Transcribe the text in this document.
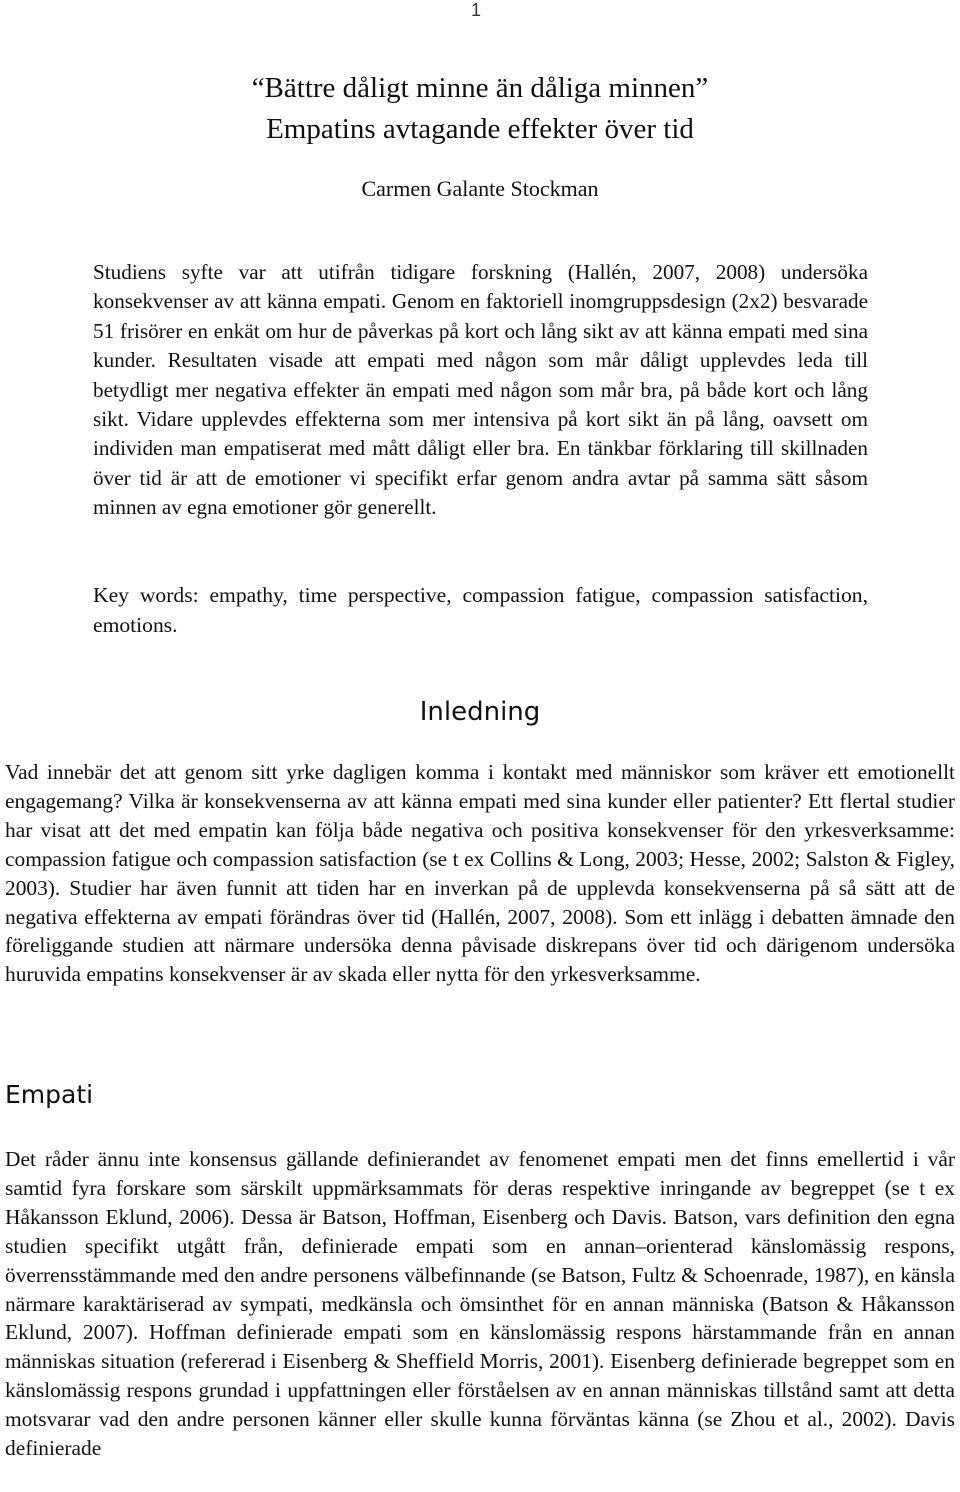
1
“Bättre dåligt minne än dåliga minnen”
Empatins avtagande effekter över tid
Carmen Galante Stockman

Studiens syfte var att utifrån tidigare forskning (Hallén, 2007, 2008) undersöka konsekvenser av att känna empati. Genom en faktoriell inomgruppsdesign (2x2) besvarade 51 frisörer en enkät om hur de påverkas på kort och lång sikt av att känna empati med sina kunder. Resultaten visade att empati med någon som mår dåligt upplevdes leda till betydligt mer negativa effekter än empati med någon som mår bra, på både kort och lång sikt. Vidare upplevdes effekterna som mer intensiva på kort sikt än på lång, oavsett om individen man empatiserat med mått dåligt eller bra. En tänkbar förklaring till skillnaden över tid är att de emotioner vi specifikt erfar genom andra avtar på samma sätt såsom minnen av egna emotioner gör generellt.

Key words: empathy, time perspective, compassion fatigue, compassion satisfaction, emotions.

Inledning

Vad innebär det att genom sitt yrke dagligen komma i kontakt med människor som kräver ett emotionellt engagemang? Vilka är konsekvenserna av att känna empati med sina kunder eller patienter? Ett flertal studier har visat att det med empatin kan följa både negativa och positiva konsekvenser för den yrkesverksamme: compassion fatigue och compassion satisfaction (se t ex Collins & Long, 2003; Hesse, 2002; Salston & Figley, 2003). Studier har även funnit att tiden har en inverkan på de upplevda konsekvenserna på så sätt att de negativa effekterna av empati förändras över tid (Hallén, 2007, 2008). Som ett inlägg i debatten ämnade den föreliggande studien att närmare undersöka denna påvisade diskrepans över tid och därigenom undersöka huruvida empatins konsekvenser är av skada eller nytta för den yrkesverksamme.

Empati

Det råder ännu inte konsensus gällande definierandet av fenomenet empati men det finns emellertid i vår samtid fyra forskare som särskilt uppmärksammats för deras respektive inringande av begreppet (se t ex Håkansson Eklund, 2006). Dessa är Batson, Hoffman, Eisenberg och Davis. Batson, vars definition den egna studien specifikt utgått från, definierade empati som en annan–orienterad känslomässig respons, överrensstämmande med den andre personens välbefinnande (se Batson, Fultz & Schoenrade, 1987), en känsla närmare karaktäriserad av sympati, medkänsla och ömsinthet för en annan människa (Batson & Håkansson Eklund, 2007). Hoffman definierade empati som en känslomässig respons härstammande från en annan människas situation (refererad i Eisenberg & Sheffield Morris, 2001). Eisenberg definierade begreppet som en känslomässig respons grundad i uppfattningen eller förståelsen av en annan människas tillstånd samt att detta motsvarar vad den andre personen känner eller skulle kunna förväntas känna (se Zhou et al., 2002). Davis definierade
